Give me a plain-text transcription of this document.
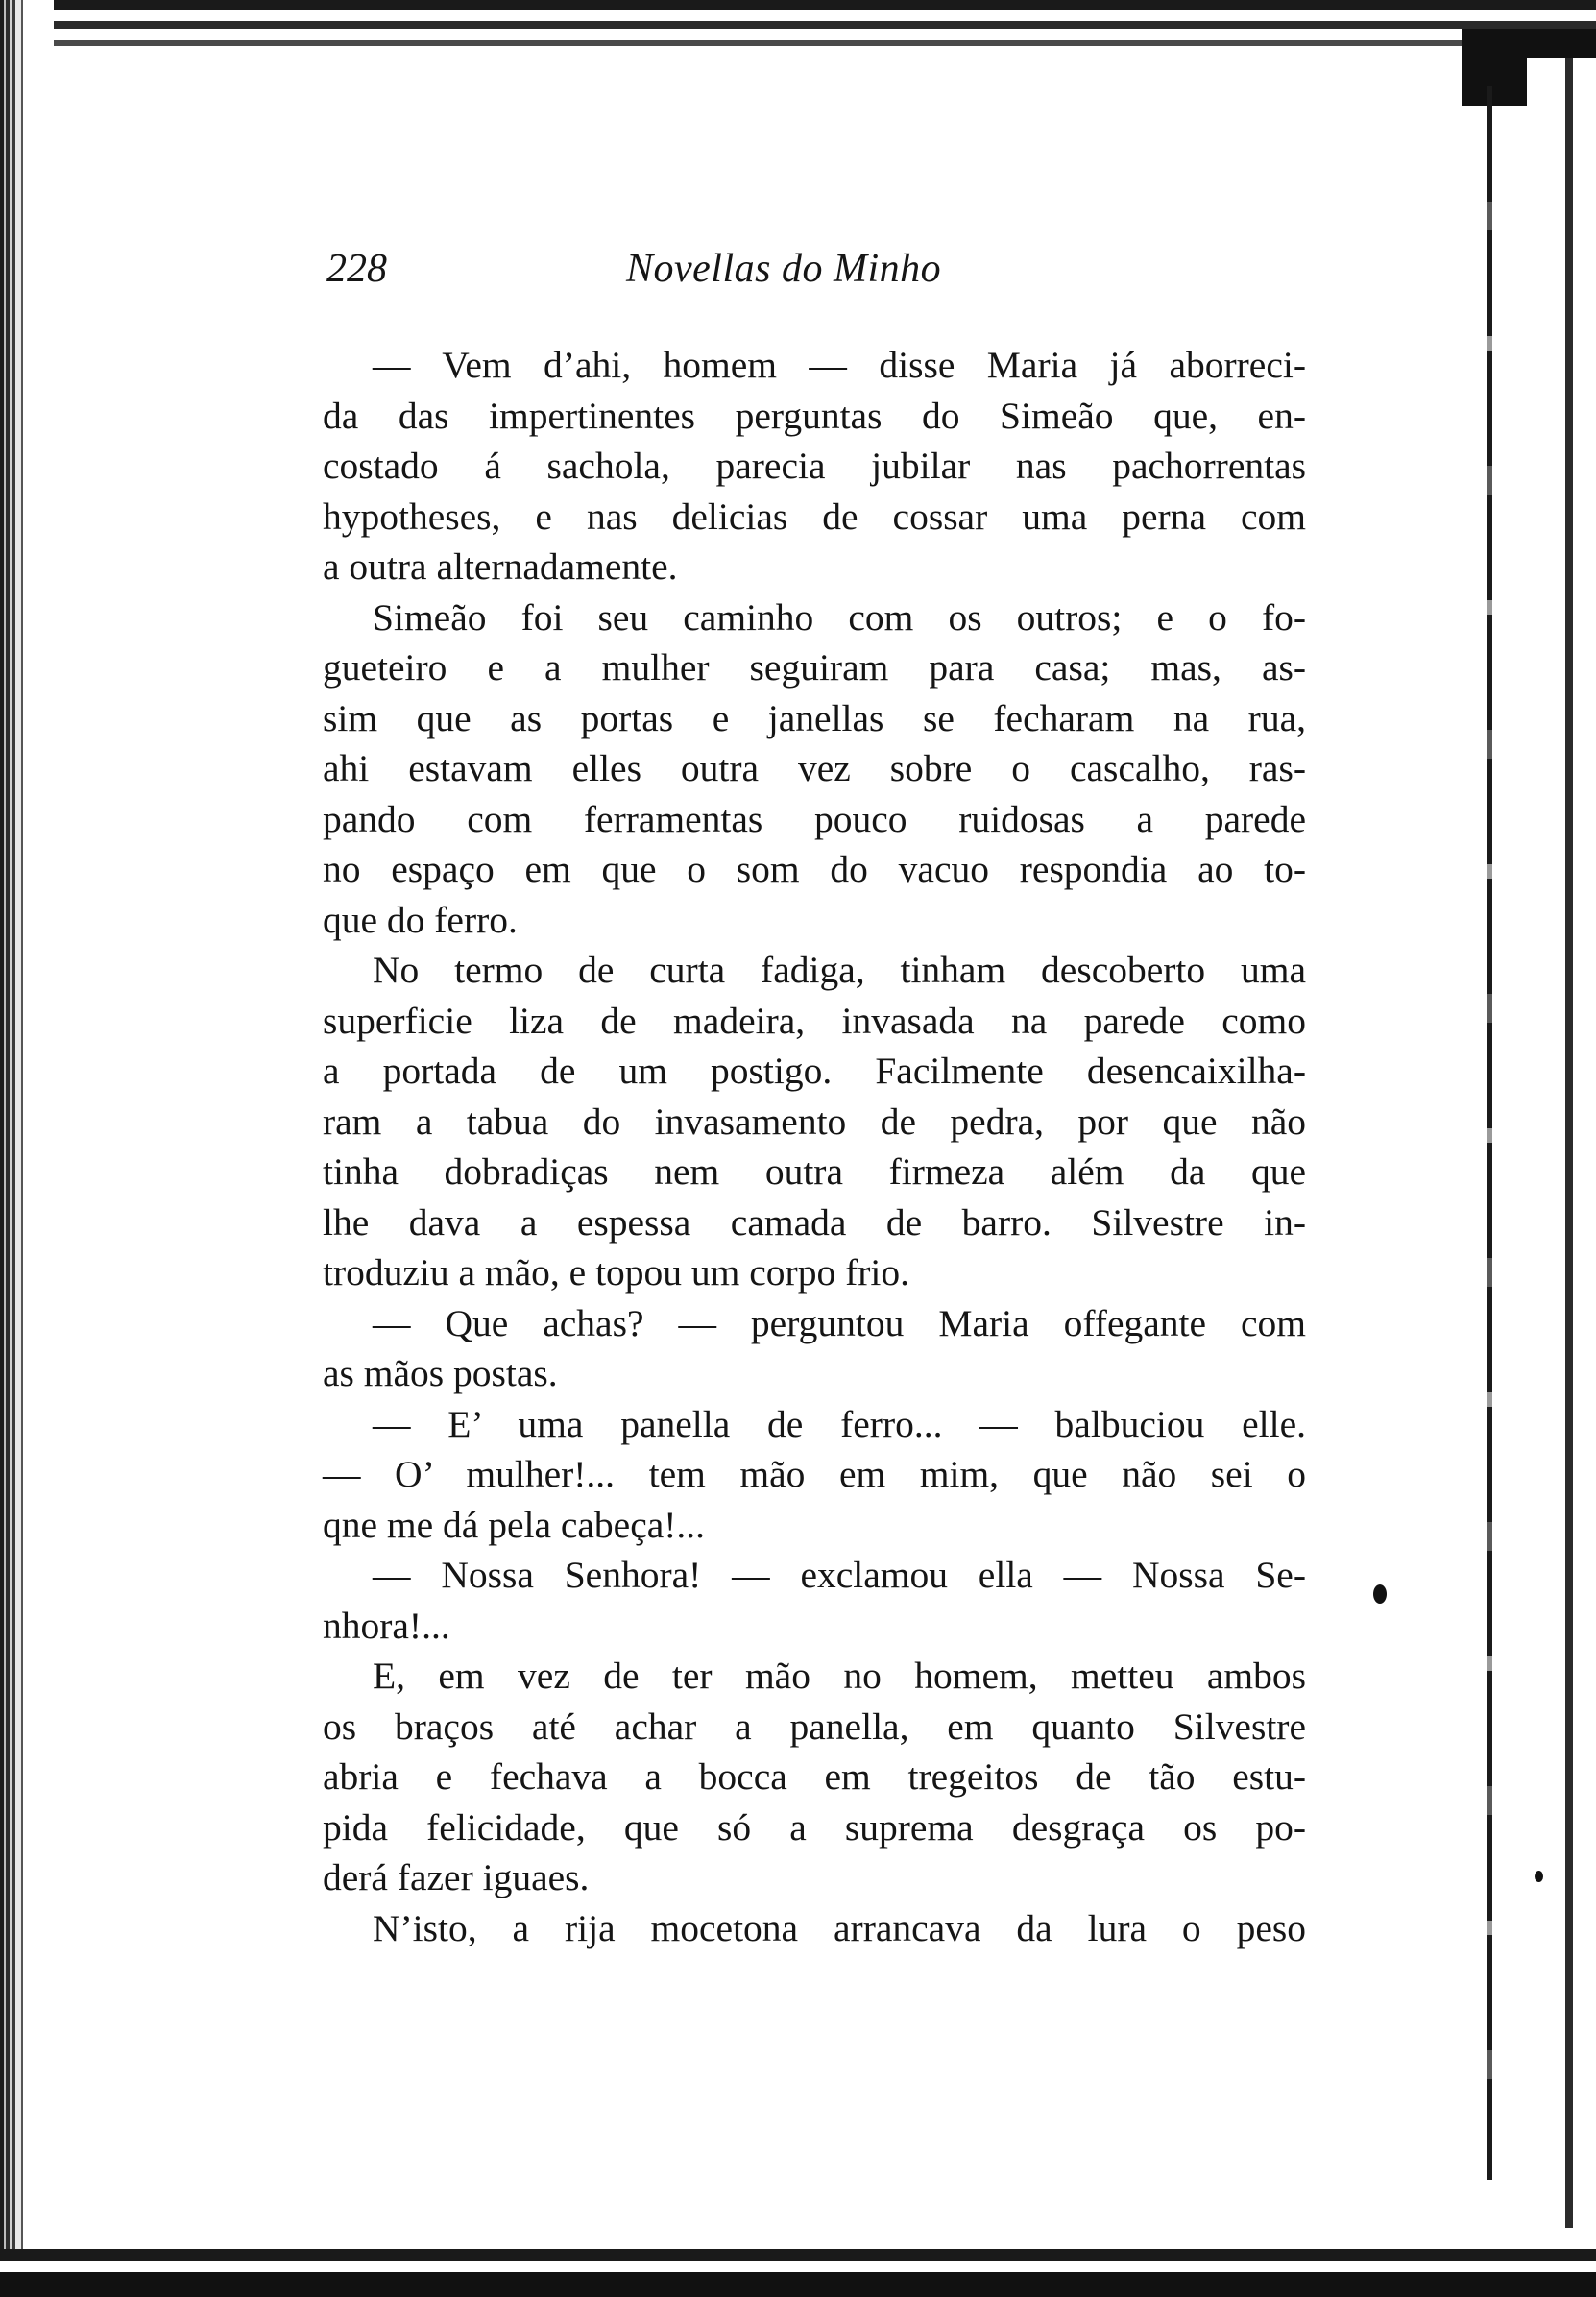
228	Novellas do Minho
— Vem d’ahi, homem — disse Maria já aborreci-
da das impertinentes perguntas do Simeão que, en-
costado á sachola, parecia jubilar nas pachorrentas
hypotheses, e nas delicias de cossar uma perna com
a outra alternadamente.
Simeão foi seu caminho com os outros; e o fo-
gueteiro e a mulher seguiram para casa; mas, as-
sim que as portas e janellas se fecharam na rua,
ahi estavam elles outra vez sobre o cascalho, ras-
pando com ferramentas pouco ruidosas a parede
no espaço em que o som do vacuo respondia ao to-
que do ferro.
No termo de curta fadiga, tinham descoberto uma
superficie liza de madeira, invasada na parede como
a portada de um postigo. Facilmente desencaixilha-
ram a tabua do invasamento de pedra, por que não
tinha dobradiças nem outra firmeza além da que
lhe dava a espessa camada de barro. Silvestre in-
troduziu a mão, e topou um corpo frio.
— Que achas? — perguntou Maria offegante com
as mãos postas.
— E’ uma panella de ferro... — balbuciou elle.
— O’ mulher!... tem mão em mim, que não sei o
qne me dá pela cabeça!...
— Nossa Senhora! — exclamou ella — Nossa Se-
nhora!...
E, em vez de ter mão no homem, metteu ambos
os braços até achar a panella, em quanto Silvestre
abria e fechava a bocca em tregeitos de tão estu-
pida felicidade, que só a suprema desgraça os po-
derá fazer iguaes.
N’isto, a rija mocetona arrancava da lura o peso
